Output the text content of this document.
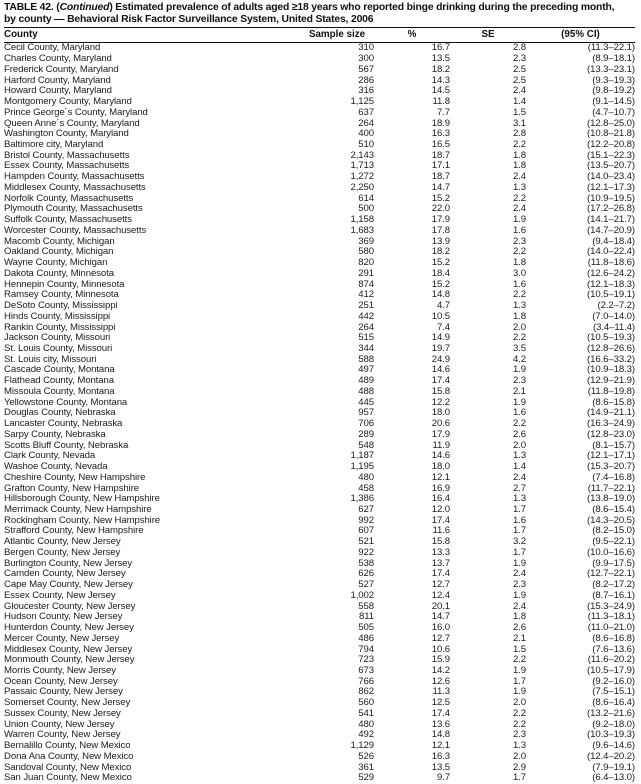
TABLE 42. (Continued) Estimated prevalence of adults aged ≥18 years who reported binge drinking during the preceding month,
by county — Behavioral Risk Factor Surveillance System, United States, 2006
County	Sample size	%	SE	(95% CI)
Cecil County, Maryland	310	16.7	2.8	(11.3–22.1)
Charles County, Maryland	300	13.5	2.3	(8.9–18.1)
Frederick County, Maryland	567	18.2	2.5	(13.3–23.1)
Harford County, Maryland	286	14.3	2.5	(9.3–19.3)
Howard County, Maryland	316	14.5	2.4	(9.8–19.2)
Montgomery County, Maryland	1,125	11.8	1.4	(9.1–14.5)
Prince George´s County, Maryland	637	7.7	1.5	(4.7–10.7)
Queen Anne´s County, Maryland	264	18.9	3.1	(12.8–25.0)
Washington County, Maryland	400	16.3	2.8	(10.8–21.8)
Baltimore city, Maryland	510	16.5	2.2	(12.2–20.8)
Bristol County, Massachusetts	2,143	18.7	1.8	(15.1–22.3)
Essex County, Massachusetts	1,713	17.1	1.8	(13.5–20.7)
Hampden County, Massachusetts	1,272	18.7	2.4	(14.0–23.4)
Middlesex County, Massachusetts	2,250	14.7	1.3	(12.1–17.3)
Norfolk County, Massachusetts	614	15.2	2.2	(10.9–19.5)
Plymouth County, Massachusetts	500	22.0	2.4	(17.2–26.8)
Suffolk County, Massachusetts	1,158	17.9	1.9	(14.1–21.7)
Worcester County, Massachusetts	1,683	17.8	1.6	(14.7–20.9)
Macomb County, Michigan	369	13.9	2.3	(9.4–18.4)
Oakland County, Michigan	580	18.2	2.2	(14.0–22.4)
Wayne County, Michigan	820	15.2	1.8	(11.8–18.6)
Dakota County, Minnesota	291	18.4	3.0	(12.6–24.2)
Hennepin County, Minnesota	874	15.2	1.6	(12.1–18.3)
Ramsey County, Minnesota	412	14.8	2.2	(10.5–19.1)
DeSoto County, Mississippi	251	4.7	1.3	(2.2–7.2)
Hinds County, Mississippi	442	10.5	1.8	(7.0–14.0)
Rankin County, Mississippi	264	7.4	2.0	(3.4–11.4)
Jackson County, Missouri	515	14.9	2.2	(10.5–19.3)
St. Louis County, Missouri	344	19.7	3.5	(12.8–26.6)
St. Louis city, Missouri	588	24.9	4.2	(16.6–33.2)
Cascade County, Montana	497	14.6	1.9	(10.9–18.3)
Flathead County, Montana	489	17.4	2.3	(12.9–21.9)
Missoula County, Montana	488	15.8	2.1	(11.8–19.8)
Yellowstone County, Montana	445	12.2	1.9	(8.6–15.8)
Douglas County, Nebraska	957	18.0	1.6	(14.9–21.1)
Lancaster County, Nebraska	706	20.6	2.2	(16.3–24.9)
Sarpy County, Nebraska	289	17.9	2.6	(12.8–23.0)
Scotts Bluff County, Nebraska	548	11.9	2.0	(8.1–15.7)
Clark County, Nevada	1,187	14.6	1.3	(12.1–17.1)
Washoe County, Nevada	1,195	18.0	1.4	(15.3–20.7)
Cheshire County, New Hampshire	480	12.1	2.4	(7.4–16.8)
Grafton County, New Hampshire	458	16.9	2.7	(11.7–22.1)
Hillsborough County, New Hampshire	1,386	16.4	1.3	(13.8–19.0)
Merrimack County, New Hampshire	627	12.0	1.7	(8.6–15.4)
Rockingham County, New Hampshire	992	17.4	1.6	(14.3–20.5)
Strafford County, New Hampshire	607	11.6	1.7	(8.2–15.0)
Atlantic County, New Jersey	521	15.8	3.2	(9.5–22.1)
Bergen County, New Jersey	922	13.3	1.7	(10.0–16.6)
Burlington County, New Jersey	538	13.7	1.9	(9.9–17.5)
Camden County, New Jersey	626	17.4	2.4	(12.7–22.1)
Cape May County, New Jersey	527	12.7	2.3	(8.2–17.2)
Essex County, New Jersey	1,002	12.4	1.9	(8.7–16.1)
Gloucester County, New Jersey	558	20.1	2.4	(15.3–24.9)
Hudson County, New Jersey	811	14.7	1.8	(11.3–18.1)
Hunterdon County, New Jersey	505	16.0	2.6	(11.0–21.0)
Mercer County, New Jersey	486	12.7	2.1	(8.6–16.8)
Middlesex County, New Jersey	794	10.6	1.5	(7.6–13.6)
Monmouth County, New Jersey	723	15.9	2.2	(11.6–20.2)
Morris County, New Jersey	673	14.2	1.9	(10.5–17.9)
Ocean County, New Jersey	766	12.6	1.7	(9.2–16.0)
Passaic County, New Jersey	862	11.3	1.9	(7.5–15.1)
Somerset County, New Jersey	560	12.5	2.0	(8.6–16.4)
Sussex County, New Jersey	541	17.4	2.2	(13.2–21.6)
Union County, New Jersey	480	13.6	2.2	(9.2–18.0)
Warren County, New Jersey	492	14.8	2.3	(10.3–19.3)
Bernalillo County, New Mexico	1,129	12.1	1.3	(9.6–14.6)
Dona Ana County, New Mexico	526	16.3	2.0	(12.4–20.2)
Sandoval County, New Mexico	361	13.5	2.9	(7.9–19.1)
San Juan County, New Mexico	529	9.7	1.7	(6.4–13.0)
